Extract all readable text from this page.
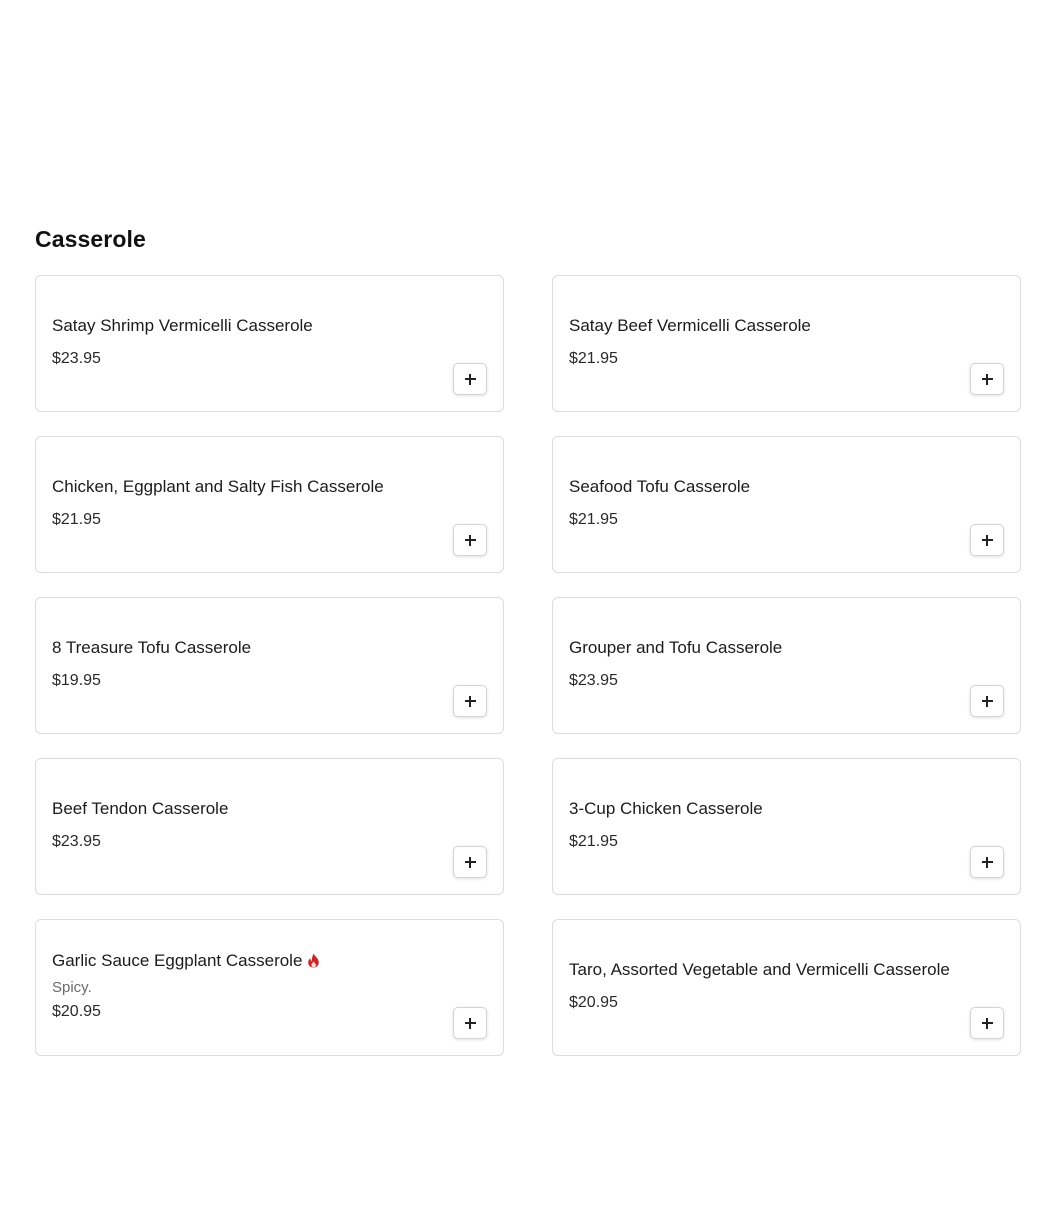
Casserole
Satay Shrimp Vermicelli Casserole
$23.95
Satay Beef Vermicelli Casserole
$21.95
Chicken, Eggplant and Salty Fish Casserole
$21.95
Seafood Tofu Casserole
$21.95
8 Treasure Tofu Casserole
$19.95
Grouper and Tofu Casserole
$23.95
Beef Tendon Casserole
$23.95
3-Cup Chicken Casserole
$21.95
Garlic Sauce Eggplant Casserole
Spicy.
$20.95
Taro, Assorted Vegetable and Vermicelli Casserole
$20.95
